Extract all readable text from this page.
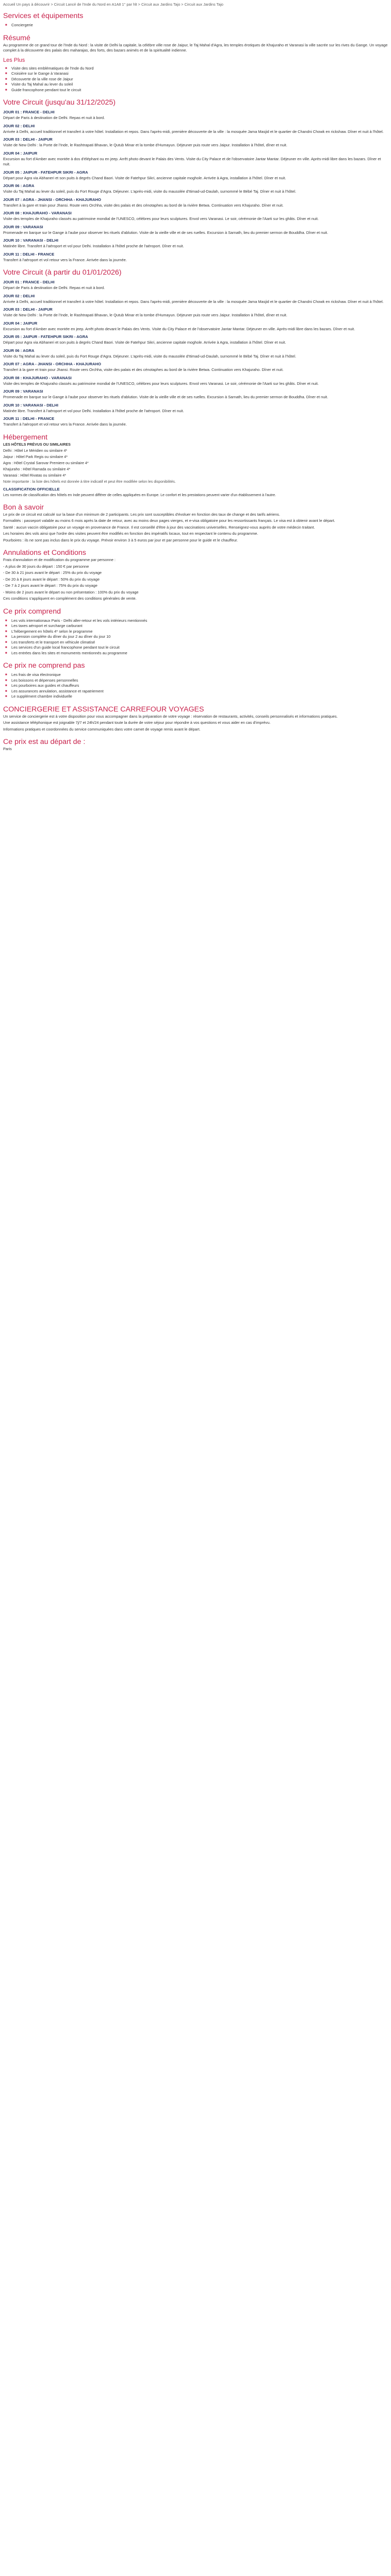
Accueil Un pays à découvrir > Circuit Lancé de l'Inde du Nord en A1A8 1° par hlt > Circuit aux Jardins Tajo > Circuit aux Jardins Tajo
Services et équipements
■ Conciergerie
Résumé

Au programme de ce grand tour de l'Inde du Nord : la visite de Delhi la capitale, la célèbre ville rose de Jaipur, le Taj Mahal d'Agra, les temples érotiques de Khajuraho et Varanasi la ville sacrée sur les rives du Gange. Un voyage complet à la découverte des palais des maharajas, des forts, des bazars animés et de la spiritualité indienne.

Les Plus
■ Visite des sites emblématiques de l'Inde du Nord
■ Croisière sur le Gange à Varanasi
■ Découverte de la ville rose de Jaipur
■ Visite du Taj Mahal au lever du soleil
■ Guide francophone pendant tout le circuit
Votre Circuit (jusqu'au 31/12/2025)
JOUR 01 : FRANCE - DELHI

Départ de Paris à destination de Delhi. Repas et nuit à bord.

JOUR 02 : DELHI

Arrivée à Delhi, accueil traditionnel et transfert à votre hôtel. Installation et repos. Dans l'après-midi, première découverte de la ville : la mosquée Jama Masjid et le quartier de Chandni Chowk en rickshaw. Dîner et nuit à l'hôtel.

JOUR 03 : DELHI - JAIPUR

Visite de New Delhi : la Porte de l'Inde, le Rashtrapati Bhavan, le Qutub Minar et la tombe d'Humayun. Déjeuner puis route vers Jaipur. Installation à l'hôtel, dîner et nuit.

JOUR 04 : JAIPUR

Excursion au fort d'Amber avec montée à dos d'éléphant ou en jeep. Arrêt photo devant le Palais des Vents. Visite du City Palace et de l'observatoire Jantar Mantar. Déjeuner en ville. Après-midi libre dans les bazars. Dîner et nuit.

JOUR 05 : JAIPUR - FATEHPUR SIKRI - AGRA

Départ pour Agra via Abhaneri et son puits à degrés Chand Baori. Visite de Fatehpur Sikri, ancienne capitale moghole. Arrivée à Agra, installation à l'hôtel. Dîner et nuit.

JOUR 06 : AGRA

Visite du Taj Mahal au lever du soleil, puis du Fort Rouge d'Agra. Déjeuner. L'après-midi, visite du mausolée d'Itimad-ud-Daulah, surnommé le Bébé Taj. Dîner et nuit à l'hôtel.

JOUR 07 : AGRA - JHANSI - ORCHHA - KHAJURAHO

Transfert à la gare et train pour Jhansi. Route vers Orchha, visite des palais et des cénotaphes au bord de la rivière Betwa. Continuation vers Khajuraho. Dîner et nuit.

JOUR 08 : KHAJURAHO - VARANASI

Visite des temples de Khajuraho classés au patrimoine mondial de l'UNESCO, célèbres pour leurs sculptures. Envol vers Varanasi. Le soir, cérémonie de l'Aarti sur les ghâts. Dîner et nuit.

JOUR 09 : VARANASI

Promenade en barque sur le Gange à l'aube pour observer les rituels d'ablution. Visite de la vieille ville et de ses ruelles. Excursion à Sarnath, lieu du premier sermon de Bouddha. Dîner et nuit.

JOUR 10 : VARANASI - DELHI

Matinée libre. Transfert à l'aéroport et vol pour Delhi. Installation à l'hôtel proche de l'aéroport. Dîner et nuit.

JOUR 11 : DELHI - FRANCE

Transfert à l'aéroport et vol retour vers la France. Arrivée dans la journée.

Votre Circuit (à partir du 01/01/2026)
JOUR 01 : FRANCE - DELHI

Départ de Paris à destination de Delhi. Repas et nuit à bord.

JOUR 02 : DELHI

Arrivée à Delhi, accueil traditionnel et transfert à votre hôtel. Installation et repos. Dans l'après-midi, première découverte de la ville : la mosquée Jama Masjid et le quartier de Chandni Chowk en rickshaw. Dîner et nuit à l'hôtel.

JOUR 03 : DELHI - JAIPUR

Visite de New Delhi : la Porte de l'Inde, le Rashtrapati Bhavan, le Qutub Minar et la tombe d'Humayun. Déjeuner puis route vers Jaipur. Installation à l'hôtel, dîner et nuit.

JOUR 04 : JAIPUR

Excursion au fort d'Amber avec montée en jeep. Arrêt photo devant le Palais des Vents. Visite du City Palace et de l'observatoire Jantar Mantar. Déjeuner en ville. Après-midi libre dans les bazars. Dîner et nuit.

JOUR 05 : JAIPUR - FATEHPUR SIKRI - AGRA

Départ pour Agra via Abhaneri et son puits à degrés Chand Baori. Visite de Fatehpur Sikri, ancienne capitale moghole. Arrivée à Agra, installation à l'hôtel. Dîner et nuit.

JOUR 06 : AGRA

Visite du Taj Mahal au lever du soleil, puis du Fort Rouge d'Agra. Déjeuner. L'après-midi, visite du mausolée d'Itimad-ud-Daulah, surnommé le Bébé Taj. Dîner et nuit à l'hôtel.

JOUR 07 : AGRA - JHANSI - ORCHHA - KHAJURAHO

Transfert à la gare et train pour Jhansi. Route vers Orchha, visite des palais et des cénotaphes au bord de la rivière Betwa. Continuation vers Khajuraho. Dîner et nuit.

JOUR 08 : KHAJURAHO - VARANASI

Visite des temples de Khajuraho classés au patrimoine mondial de l'UNESCO, célèbres pour leurs sculptures. Envol vers Varanasi. Le soir, cérémonie de l'Aarti sur les ghâts. Dîner et nuit.

JOUR 09 : VARANASI

Promenade en barque sur le Gange à l'aube pour observer les rituels d'ablution. Visite de la vieille ville et de ses ruelles. Excursion à Sarnath, lieu du premier sermon de Bouddha. Dîner et nuit.

JOUR 10 : VARANASI - DELHI

Matinée libre. Transfert à l'aéroport et vol pour Delhi. Installation à l'hôtel proche de l'aéroport. Dîner et nuit.

JOUR 11 : DELHI - FRANCE

Transfert à l'aéroport et vol retour vers la France. Arrivée dans la journée.

Hébergement

LES HÔTELS PRÉVUS OU SIMILAIRES

Delhi : Hôtel Le Méridien ou similaire 4*

Jaipur : Hôtel Park Regis ou similaire 4*

Agra : Hôtel Crystal Sarovar Premiere ou similaire 4*

Khajuraho : Hôtel Ramada ou similaire 4*

Varanasi : Hôtel Rivatas ou similaire 4*

Note importante : la liste des hôtels est donnée à titre indicatif et peut être modifiée selon les disponibilités.

CLASSIFICATION OFFICIELLE

Les normes de classification des hôtels en Inde peuvent différer de celles appliquées en Europe. Le confort et les prestations peuvent varier d'un établissement à l'autre.

Bon à savoir

Le prix de ce circuit est calculé sur la base d'un minimum de 2 participants. Les prix sont susceptibles d'évoluer en fonction des taux de change et des tarifs aériens.

Formalités : passeport valable au moins 6 mois après la date de retour, avec au moins deux pages vierges, et e-visa obligatoire pour les ressortissants français. Le visa est à obtenir avant le départ.

Santé : aucun vaccin obligatoire pour un voyage en provenance de France. Il est conseillé d'être à jour des vaccinations universelles. Renseignez-vous auprès de votre médecin traitant.

Les horaires des vols ainsi que l'ordre des visites peuvent être modifiés en fonction des impératifs locaux, tout en respectant le contenu du programme.

Pourboires : ils ne sont pas inclus dans le prix du voyage. Prévoir environ 3 à 5 euros par jour et par personne pour le guide et le chauffeur.

Annulations et Conditions

Frais d'annulation et de modification du programme par personne :

- A plus de 30 jours du départ : 150 € par personne

- De 30 à 21 jours avant le départ : 25% du prix du voyage

- De 20 à 8 jours avant le départ : 50% du prix du voyage

- De 7 à 2 jours avant le départ : 75% du prix du voyage

- Moins de 2 jours avant le départ ou non présentation : 100% du prix du voyage

Ces conditions s'appliquent en complément des conditions générales de vente.

Ce prix comprend
■ Les vols internationaux Paris - Delhi aller-retour et les vols intérieurs mentionnés
■ Les taxes aéroport et surcharge carburant
■ L'hébergement en hôtels 4* selon le programme
■ La pension complète du dîner du jour 2 au dîner du jour 10
■ Les transferts et le transport en véhicule climatisé
■ Les services d'un guide local francophone pendant tout le circuit
■ Les entrées dans les sites et monuments mentionnés au programme
Ce prix ne comprend pas
■ Les frais de visa électronique
■ Les boissons et dépenses personnelles
■ Les pourboires aux guides et chauffeurs
■ Les assurances annulation, assistance et rapatriement
■ Le supplément chambre individuelle
CONCIERGERIE ET ASSISTANCE CARREFOUR VOYAGES

Un service de conciergerie est à votre disposition pour vous accompagner dans la préparation de votre voyage : réservation de restaurants, activités, conseils personnalisés et informations pratiques.

Une assistance téléphonique est joignable 7j/7 et 24h/24 pendant toute la durée de votre séjour pour répondre à vos questions et vous aider en cas d'imprévu.

Informations pratiques et coordonnées du service communiquées dans votre carnet de voyage remis avant le départ.

Ce prix est au départ de :

Paris
